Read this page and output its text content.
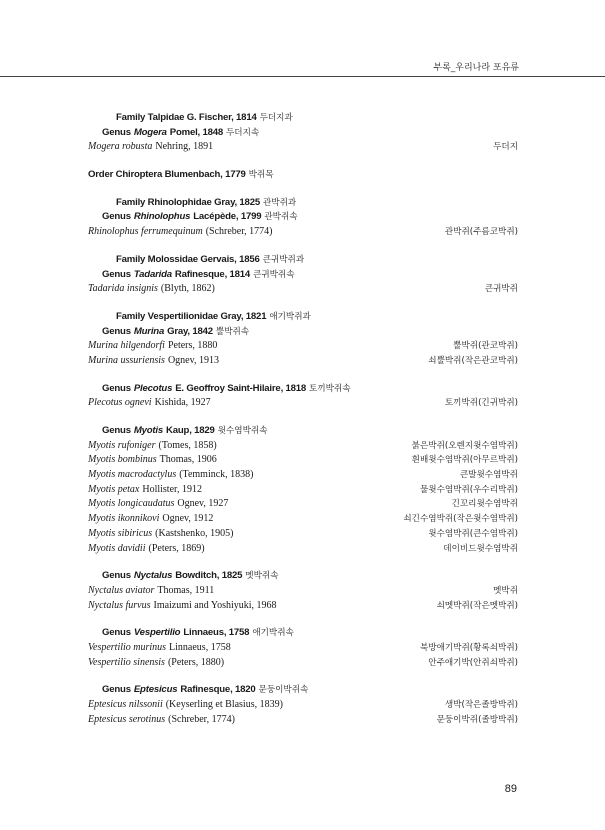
부록_우리나라 포유류
Family Talpidae G. Fischer, 1814 두더지과
Genus Mogera Pomel, 1848 두더지속
Mogera robusta Nehring, 1891	두더지
Order Chiroptera Blumenbach, 1779 박쥐목
Family Rhinolophidae Gray, 1825 관박쥐과
Genus Rhinolophus Lacépède, 1799 관박쥐속
Rhinolophus ferrumequinum (Schreber, 1774)	관박쥐(주름코박쥐)
Family Molossidae Gervais, 1856 큰귀박쥐과
Genus Tadarida Rafinesque, 1814 큰귀박쥐속
Tadarida insignis (Blyth, 1862)	큰귀박쥐
Family Vespertilionidae Gray, 1821 애기박쥐과
Genus Murina Gray, 1842 뿔박쥐속
Murina hilgendorfi Peters, 1880	뿔박쥐(관코박쥐)
Murina ussuriensis Ognev, 1913	쇠뿔박쥐(작은관코박쥐)
Genus Plecotus E. Geoffroy Saint-Hilaire, 1818 토끼박쥐속
Plecotus ognevi Kishida, 1927	토끼박쥐(긴귀박쥐)
Genus Myotis Kaup, 1829 윗수염박쥐속
Myotis rufoniger (Tomes, 1858)	붉은박쥐(오렌지윗수염박쥐)
Myotis bombinus Thomas, 1906	흰배윗수염박쥐(아무르박쥐)
Myotis macrodactylus (Temminck, 1838)	큰발윗수염박쥐
Myotis petax Hollister, 1912	물윗수염박쥐(우수리박쥐)
Myotis longicaudatus Ognev, 1927	긴꼬리윗수염박쥐
Myotis ikonnikovi Ognev, 1912	쇠긴수염박쥐(작은윗수염박쥐)
Myotis sibiricus (Kastshenko, 1905)	윗수염박쥐(큰수염박쥐)
Myotis davidii (Peters, 1869)	데이비드윗수염박쥐
Genus Nyctalus Bowditch, 1825 멧박쥐속
Nyctalus aviator Thomas, 1911	멧박쥐
Nyctalus furvus Imaizumi and Yoshiyuki, 1968	쇠멧박쥐(작은멧박쥐)
Genus Vespertilio Linnaeus, 1758 애기박쥐속
Vespertilio murinus Linnaeus, 1758	북방애기박쥐(황록쇠박쥐)
Vespertilio sinensis (Peters, 1880)	안주애기박(안쥐쇠박쥐)
Genus Eptesicus Rafinesque, 1820 문둥이박쥐속
Eptesicus nilssonii (Keyserling et Blasius, 1839)	생박(작은졸방박쥐)
Eptesicus serotinus (Schreber, 1774)	문둥이박쥐(졸방박쥐)
89
